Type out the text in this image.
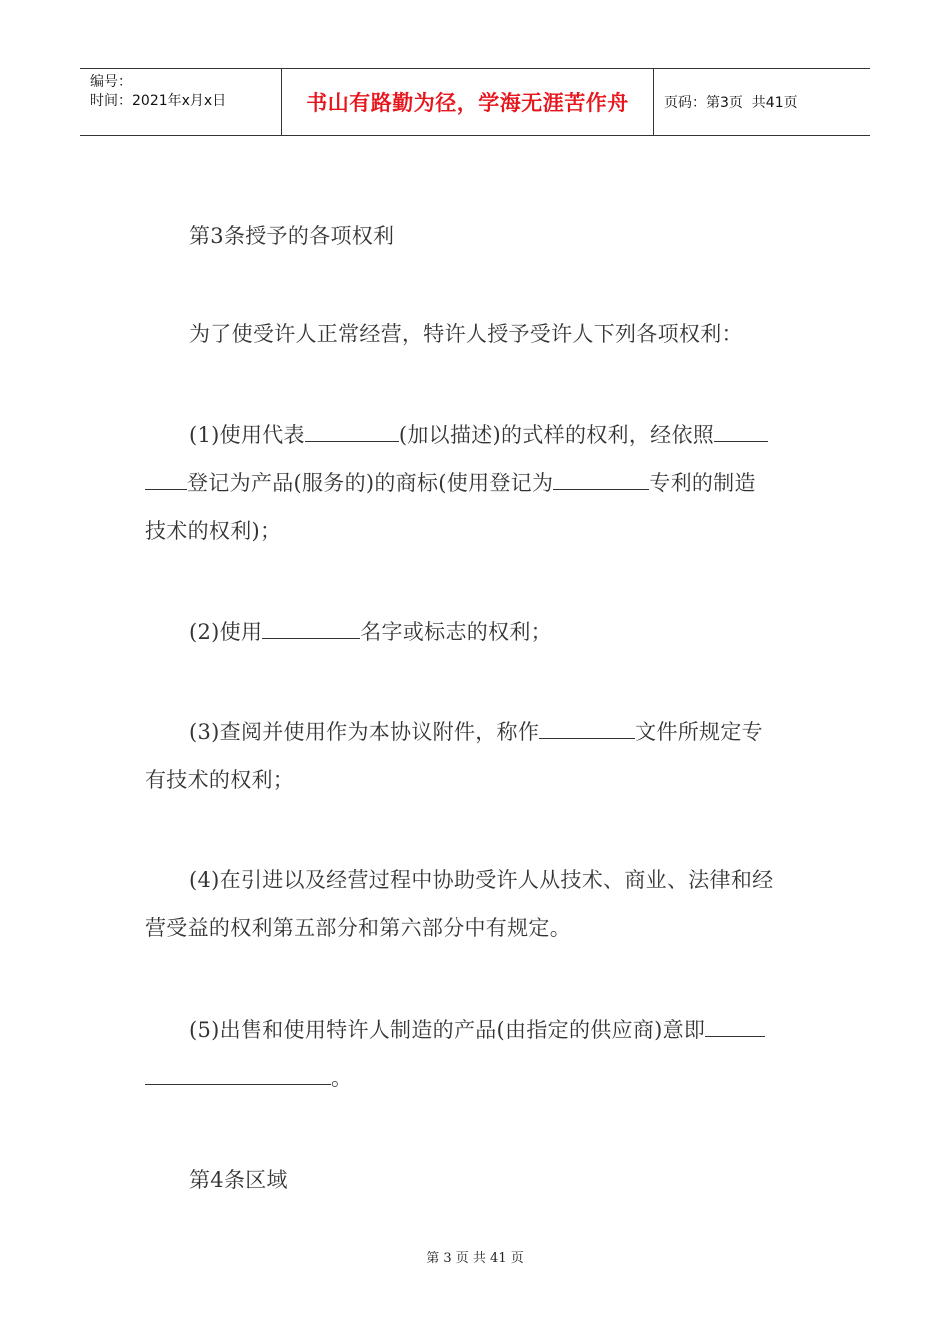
编号：
时间：2021年x月x日	书山有路勤为径，学海无涯苦作舟	页码：第3页  共41页
第3条授予的各项权利
为了使受许人正常经营，特许人授予受许人下列各项权利：
(1)使用代表	(加以描述)的式样的权利，经依照
登记为产品(服务的)的商标(使用登记为	专利的制造
技术的权利)；
(2)使用	名字或标志的权利；
(3)查阅并使用作为本协议附件，称作	文件所规定专
有技术的权利；
(4)在引进以及经营过程中协助受许人从技术、商业、法律和经
营受益的权利第五部分和第六部分中有规定。
(5)出售和使用特许人制造的产品(由指定的供应商)意即
。
第4条区域
第 3 页 共 41 页
